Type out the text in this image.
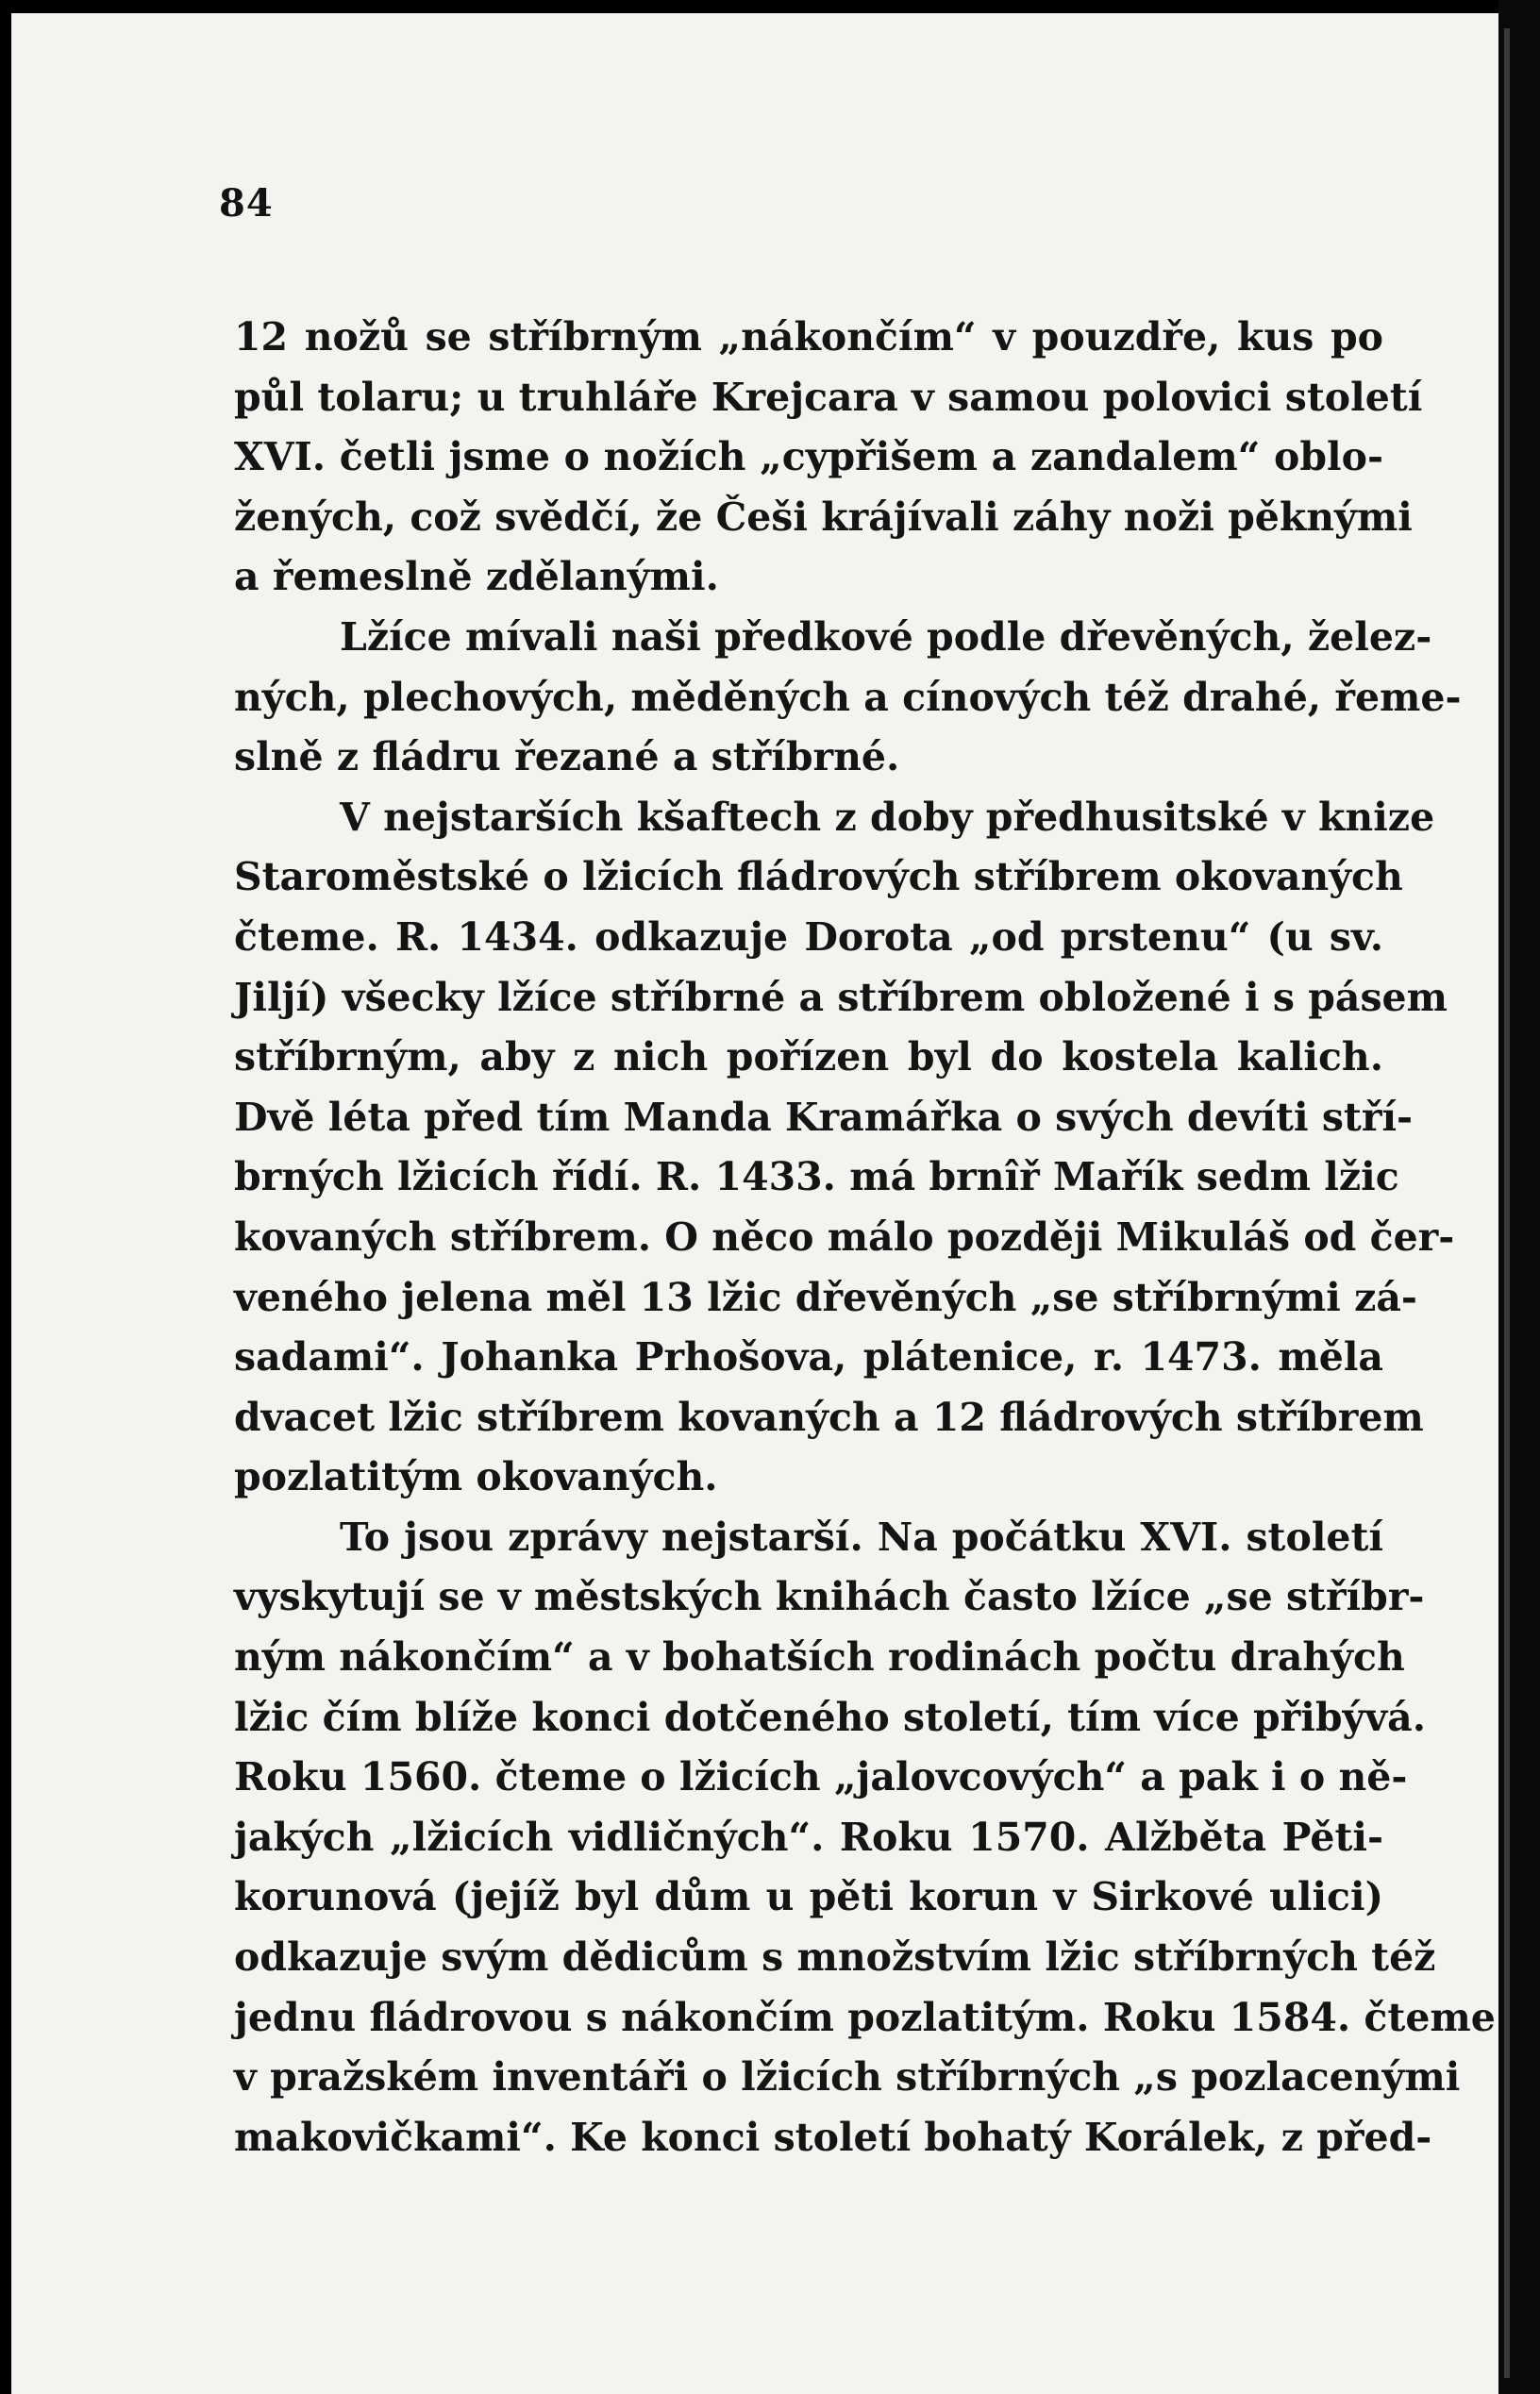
84
12 nožů se stříbrným „nákončím“ v pouzdře, kus po
půl tolaru; u truhláře Krejcara v samou polovici století
XVI. četli jsme o nožích „cypřišem a zandalem“ oblo-
žených, což svědčí, že Češi krájívali záhy noži pěknými
a řemeslně zdělanými.
Lžíce mívali naši předkové podle dřevěných, želez-
ných, plechových, měděných a cínových též drahé, řeme-
slně z fládru řezané a stříbrné.
V nejstarších kšaftech z doby předhusitské v knize
Staroměstské o lžicích fládrových stříbrem okovaných
čteme. R. 1434. odkazuje Dorota „od prstenu“ (u sv.
Jiljí) všecky lžíce stříbrné a stříbrem obložené i s pásem
stříbrným, aby z nich pořízen byl do kostela kalich.
Dvě léta před tím Manda Kramářka o svých devíti stří-
brných lžicích řídí. R. 1433. má brnîř Mařík sedm lžic
kovaných stříbrem. O něco málo později Mikuláš od čer-
veného jelena měl 13 lžic dřevěných „se stříbrnými zá-
sadami“. Johanka Prhošova, plátenice, r. 1473. měla
dvacet lžic stříbrem kovaných a 12 fládrových stříbrem
pozlatitým okovaných.
To jsou zprávy nejstarší. Na počátku XVI. století
vyskytují se v městských knihách často lžíce „se stříbr-
ným nákončím“ a v bohatších rodinách počtu drahých
lžic čím blíže konci dotčeného století, tím více přibývá.
Roku 1560. čteme o lžicích „jalovcových“ a pak i o ně-
jakých „lžicích vidličných“. Roku 1570. Alžběta Pěti-
korunová (jejíž byl dům u pěti korun v Sirkové ulici)
odkazuje svým dědicům s množstvím lžic stříbrných též
jednu fládrovou s nákončím pozlatitým. Roku 1584. čteme
v pražském inventáři o lžicích stříbrných „s pozlacenými
makovičkami“. Ke konci století bohatý Korálek, z před-
